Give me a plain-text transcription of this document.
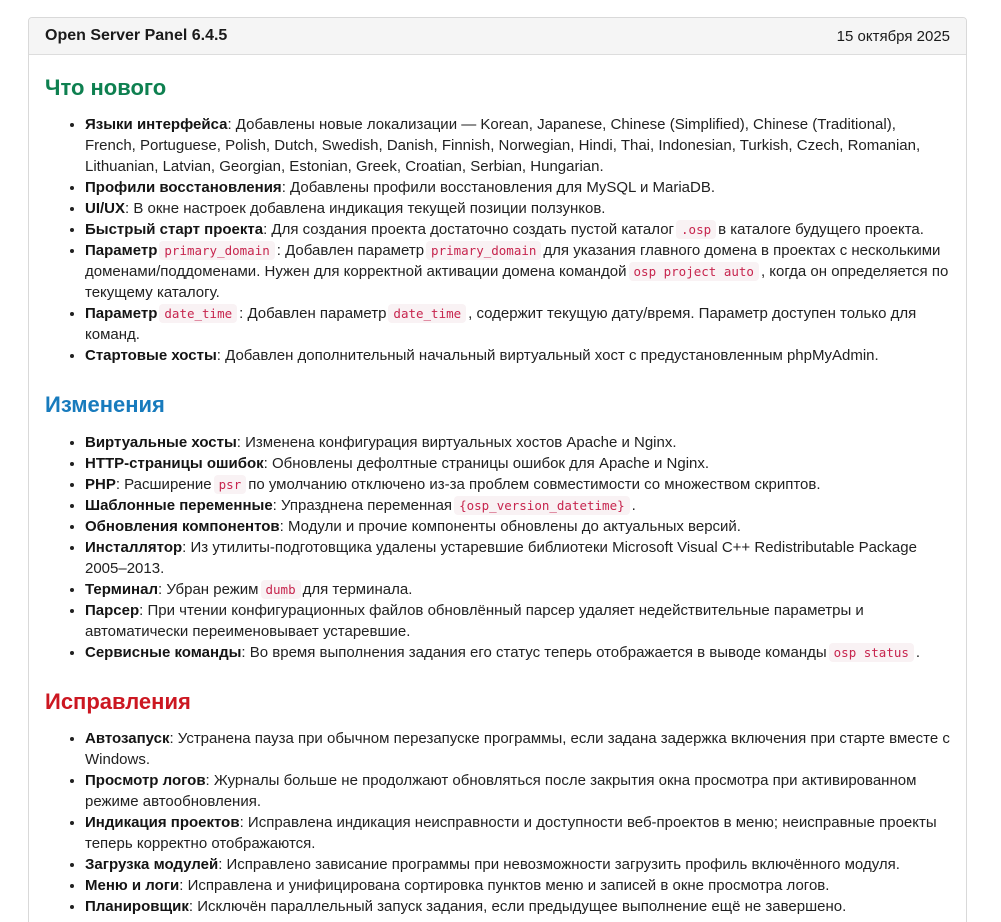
Open Server Panel 6.4.5	15 октября 2025
Что нового
• Языки интерфейса: Добавлены новые локализации — Korean, Japanese, Chinese (Simplified), Chinese (Traditional), French, Portuguese, Polish, Dutch, Swedish, Danish, Finnish, Norwegian, Hindi, Thai, Indonesian, Turkish, Czech, Romanian, Lithuanian, Latvian, Georgian, Estonian, Greek, Croatian, Serbian, Hungarian.
• Профили восстановления: Добавлены профили восстановления для MySQL и MariaDB.
• UI/UX: В окне настроек добавлена индикация текущей позиции ползунков.
• Быстрый старт проекта: Для создания проекта достаточно создать пустой каталог .osp в каталоге будущего проекта.
• Параметр primary_domain : Добавлен параметр primary_domain для указания главного домена в проектах с несколькими доменами/поддоменами. Нужен для корректной активации домена командой osp project auto , когда он определяется по текущему каталогу.
• Параметр date_time : Добавлен параметр date_time , содержит текущую дату/время. Параметр доступен только для команд.
• Стартовые хосты: Добавлен дополнительный начальный виртуальный хост с предустановленным phpMyAdmin.
Изменения
• Виртуальные хосты: Изменена конфигурация виртуальных хостов Apache и Nginx.
• HTTP-страницы ошибок: Обновлены дефолтные страницы ошибок для Apache и Nginx.
• PHP: Расширение psr по умолчанию отключено из-за проблем совместимости со множеством скриптов.
• Шаблонные переменные: Упразднена переменная {osp_version_datetime} .
• Обновления компонентов: Модули и прочие компоненты обновлены до актуальных версий.
• Инсталлятор: Из утилиты-подготовщика удалены устаревшие библиотеки Microsoft Visual C++ Redistributable Package 2005–2013.
• Терминал: Убран режим dumb для терминала.
• Парсер: При чтении конфигурационных файлов обновлённый парсер удаляет недействительные параметры и автоматически переименовывает устаревшие.
• Сервисные команды: Во время выполнения задания его статус теперь отображается в выводе команды osp status .
Исправления
• Автозапуск: Устранена пауза при обычном перезапуске программы, если задана задержка включения при старте вместе с Windows.
• Просмотр логов: Журналы больше не продолжают обновляться после закрытия окна просмотра при активированном режиме автообновления.
• Индикация проектов: Исправлена индикация неисправности и доступности веб-проектов в меню; неисправные проекты теперь корректно отображаются.
• Загрузка модулей: Исправлено зависание программы при невозможности загрузить профиль включённого модуля.
• Меню и логи: Исправлена и унифицирована сортировка пунктов меню и записей в окне просмотра логов.
• Планировщик: Исключён параллельный запуск задания, если предыдущее выполнение ещё не завершено.
